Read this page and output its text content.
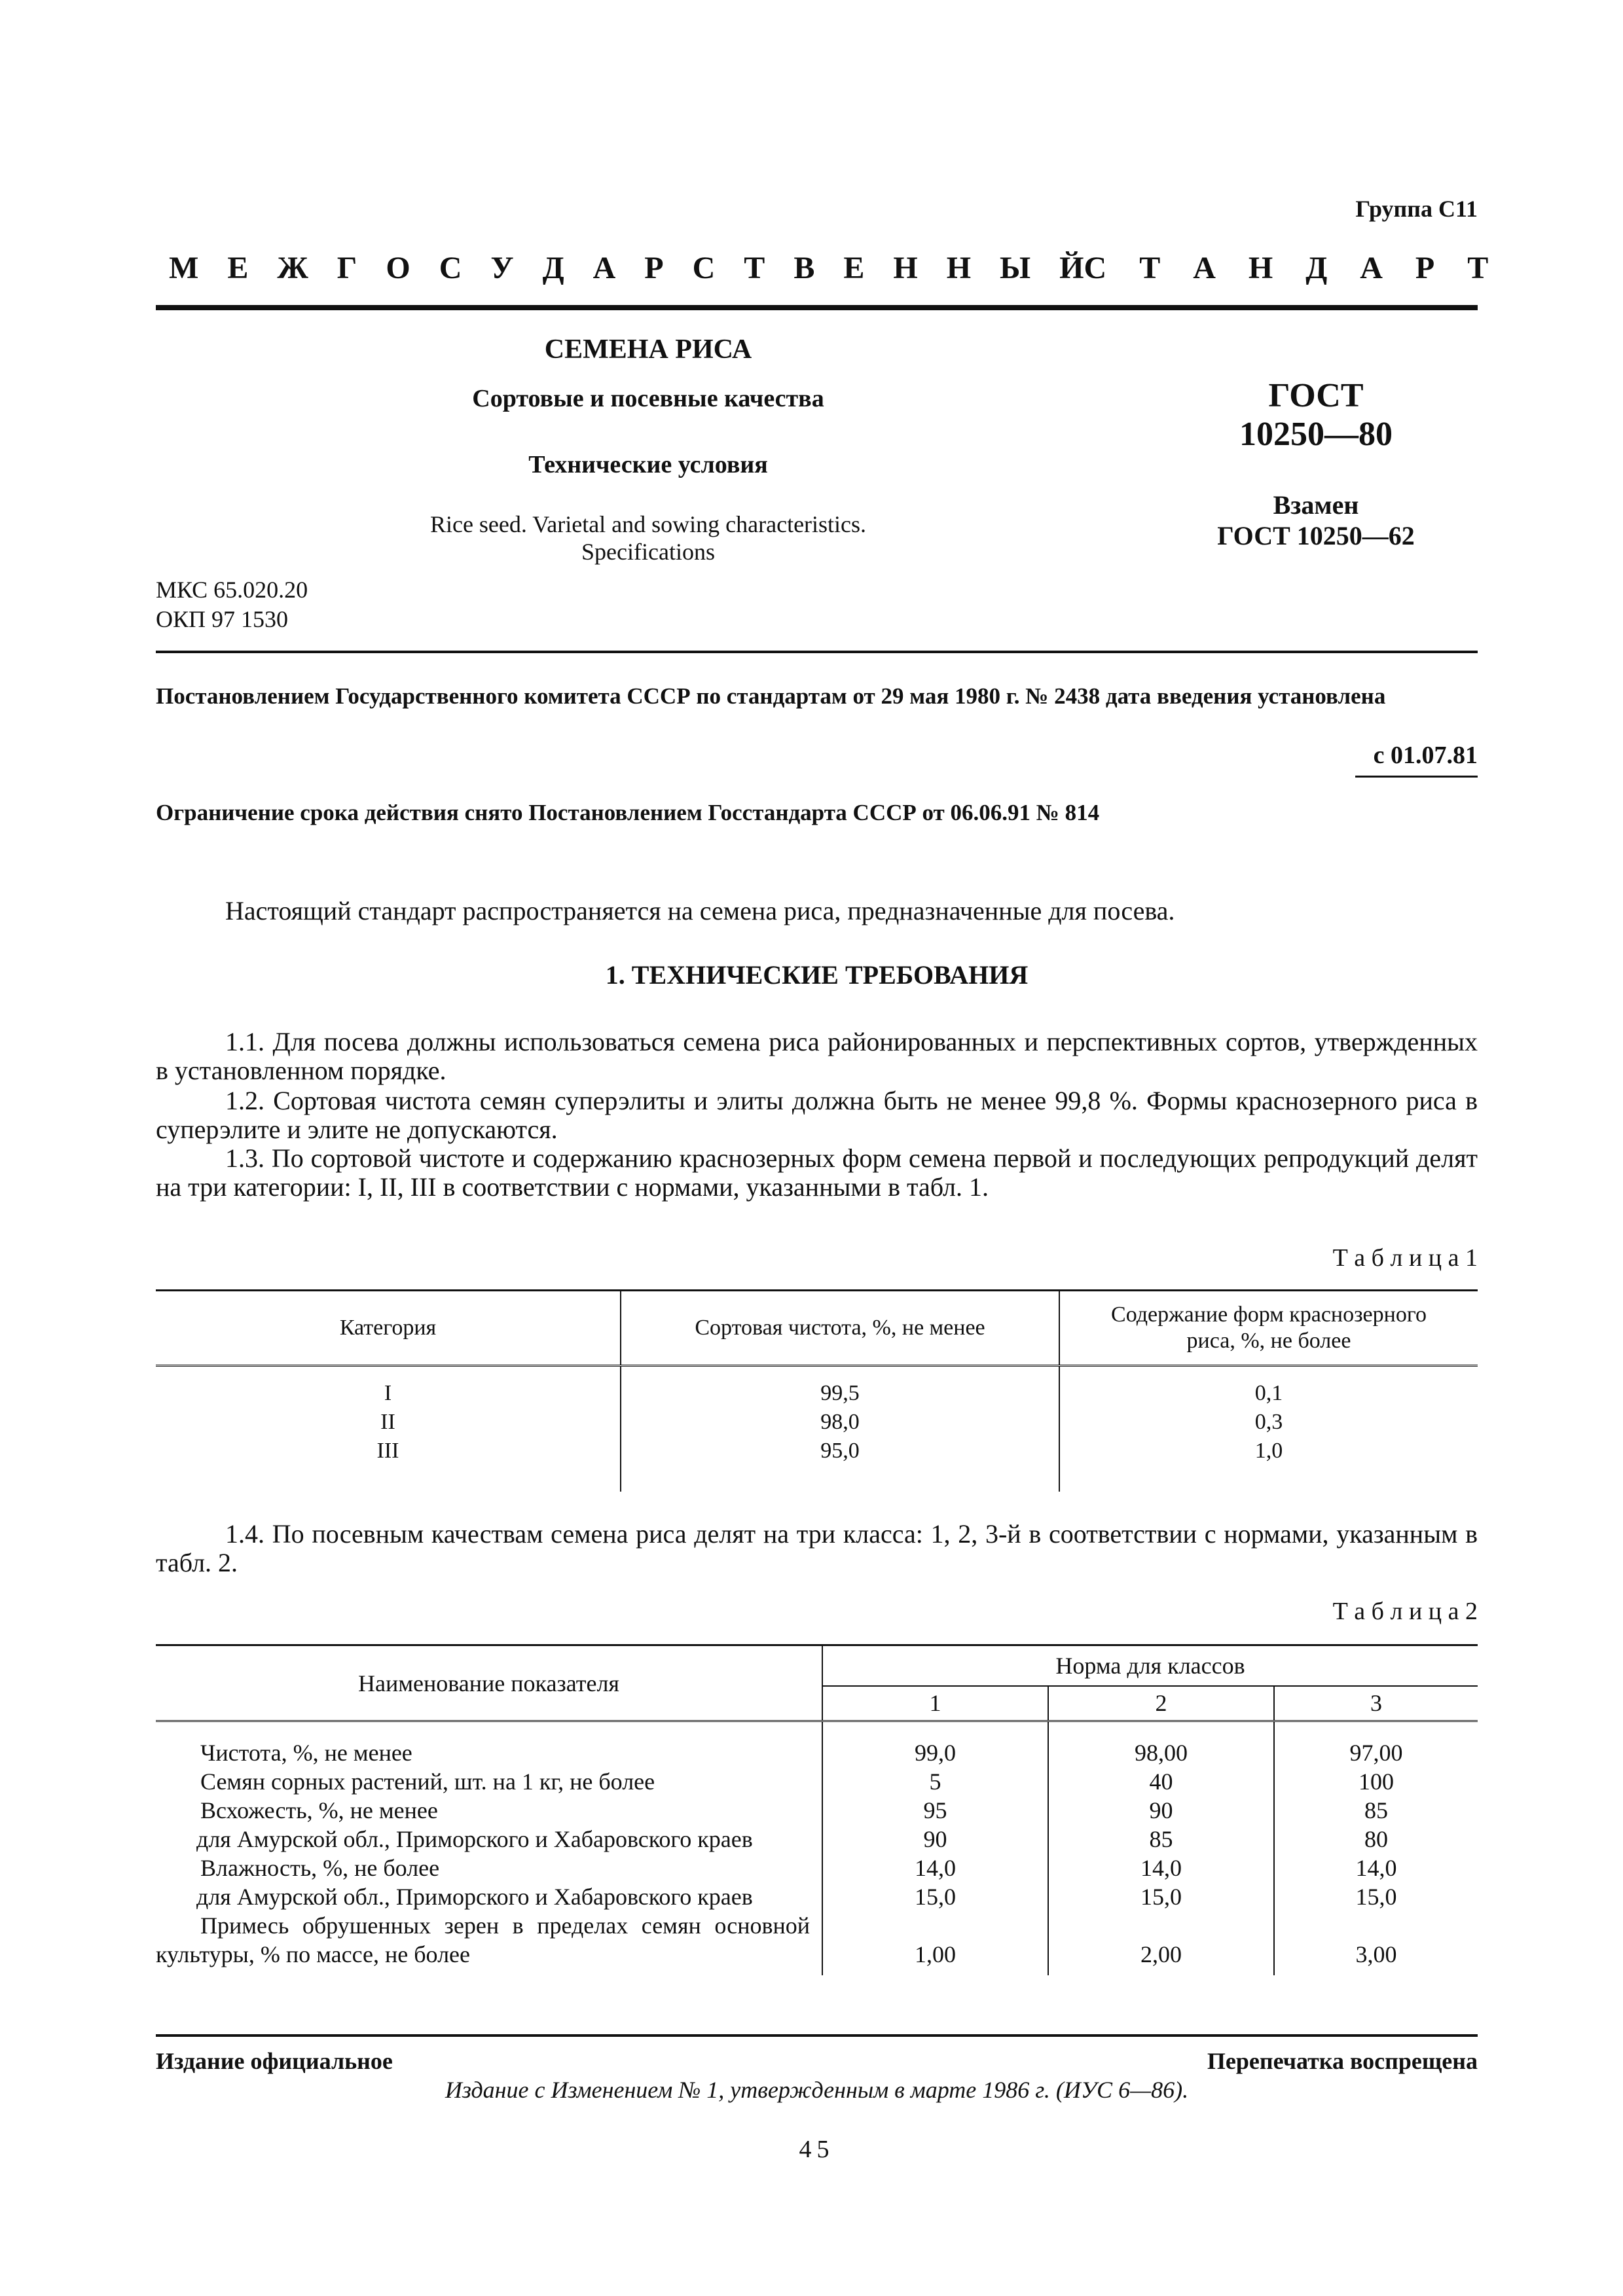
Группа С11
М Е Ж Г О С У Д А Р С Т В Е Н Н Ы Й С Т А Н Д А Р Т
СЕМЕНА РИСА
Сортовые и посевные качества
Технические условия
Rice seed. Varietal and sowing characteristics.
Specifications
ГОСТ
10250—80
Взамен
ГОСТ 10250—62
МКС 65.020.20
ОКП 97 1530
Постановлением Государственного комитета СССР по стандартам от 29 мая 1980 г. № 2438 дата введения установлена
с 01.07.81
Ограничение срока действия снято Постановлением Госстандарта СССР от 06.06.91 № 814
Настоящий стандарт распространяется на семена риса, предназначенные для посева.
1. ТЕХНИЧЕСКИЕ ТРЕБОВАНИЯ
1.1. Для посева должны использоваться семена риса районированных и перспективных сортов, утвержденных в установленном порядке.
1.2. Сортовая чистота семян суперэлиты и элиты должна быть не менее 99,8 %. Формы краснозерного риса в суперэлите и элите не допускаются.
1.3. По сортовой чистоте и содержанию краснозерных форм семена первой и последующих репродукций делят на три категории: I, II, III в соответствии с нормами, указанными в табл. 1.
Т а б л и ц а 1
Категория	Сортовая чистота, %, не менее	Содержание форм краснозерного риса, %, не более

I	99,5	0,1
II	98,0	0,3
III	95,0	1,0

1.4. По посевным качествам семена риса делят на три класса: 1, 2, 3-й в соответствии с нормами, указанным в табл. 2.
Т а б л и ц а 2
Наименование показателя	Норма для классов		
	1	2	3

Чистота, %, не менее	99,0	98,00	97,00
Семян сорных растений, шт. на 1 кг, не более	5	40	100
Всхожесть, %, не менее	95	90	85
для Амурской обл., Приморского и Хабаровского краев	90	85	80
Влажность, %, не более	14,0	14,0	14,0
для Амурской обл., Приморского и Хабаровского краев	15,0	15,0	15,0
Примесь обрушенных зерен в пределах семян основной культуры, % по массе, не более	1,00	2,00	3,00

Издание официальное	Перепечатка воспрещена
Издание с Изменением № 1, утвержденным в марте 1986 г. (ИУС 6—86).
45
